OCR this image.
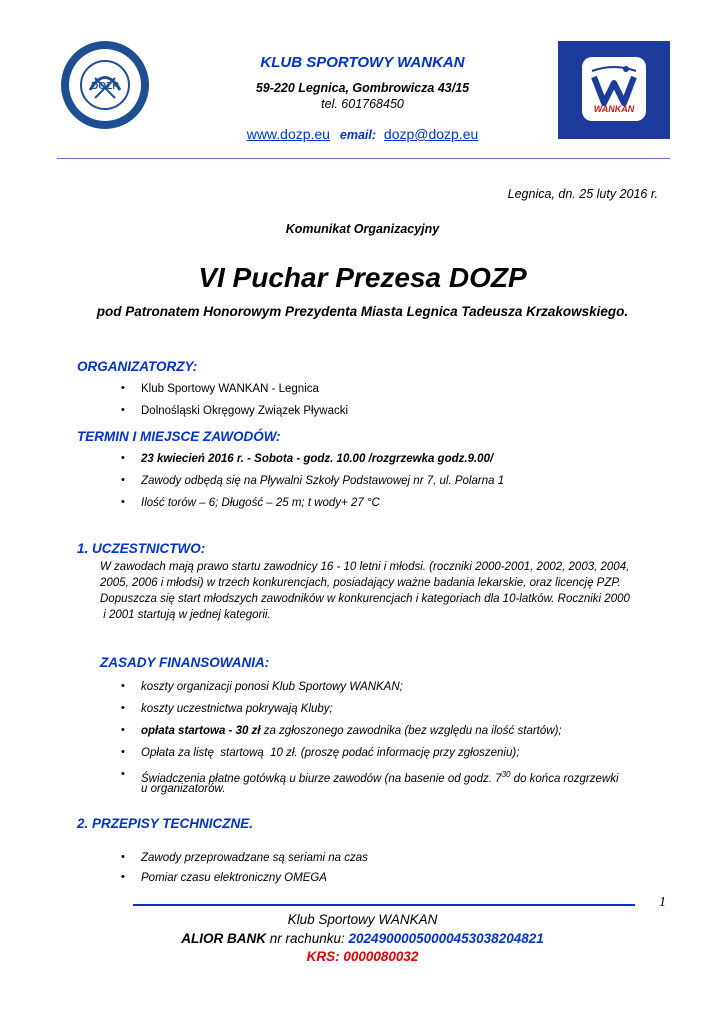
DOZP
WANKAN
KLUB SPORTOWY WANKAN
59-220 Legnica, Gombrowicza 43/15
tel. 601768450
www.dozp.eu email: dozp@dozp.eu
Legnica, dn. 25 luty 2016 r.
Komunikat Organizacyjny
VI Puchar Prezesa DOZP
pod Patronatem Honorowym Prezydenta Miasta Legnica Tadeusza Krzakowskiego.
ORGANIZATORZY:
• Klub Sportowy WANKAN - Legnica
• Dolnośląski Okręgowy Związek Pływacki
TERMIN I MIEJSCE ZAWODÓW:
• 23 kwiecień 2016 r. - Sobota - godz. 10.00 /rozgrzewka godz.9.00/
• Zawody odbędą się na Pływalni Szkoły Podstawowej nr 7, ul. Polarna 1
• Ilość torów – 6; Długość – 25 m; t wody+ 27 °C
1. UCZESTNICTWO:
W zawodach mają prawo startu zawodnicy 16 - 10 letni i młodsi. (roczniki 2000-2001, 2002, 2003, 2004,
2005, 2006 i młodsi) w trzech konkurencjach, posiadający ważne badania lekarskie, oraz licencję PZP.
Dopuszcza się start młodszych zawodników w konkurencjach i kategoriach dla 10-latków. Roczniki 2000
i 2001 startują w jednej kategorii.
ZASADY FINANSOWANIA:
• koszty organizacji ponosi Klub Sportowy WANKAN;
• koszty uczestnictwa pokrywają Kluby;
• opłata startowa - 30 zł za zgłoszonego zawodnika (bez względu na ilość startów);
• Opłata za listę  startową  10 zł. (proszę podać informację przy zgłoszeniu);
• Świadczenia płatne gotówką u biurze zawodów (na basenie od godz. $7^{30}$ do końca rozgrzewki
u organizatorów.
2. PRZEPISY TECHNICZNE.
• Zawody przeprowadzane są seriami na czas
• Pomiar czasu elektroniczny OMEGA
1
Klub Sportowy WANKAN
ALIOR BANK nr rachunku: 20249000050000453038204821
KRS: 0000080032
